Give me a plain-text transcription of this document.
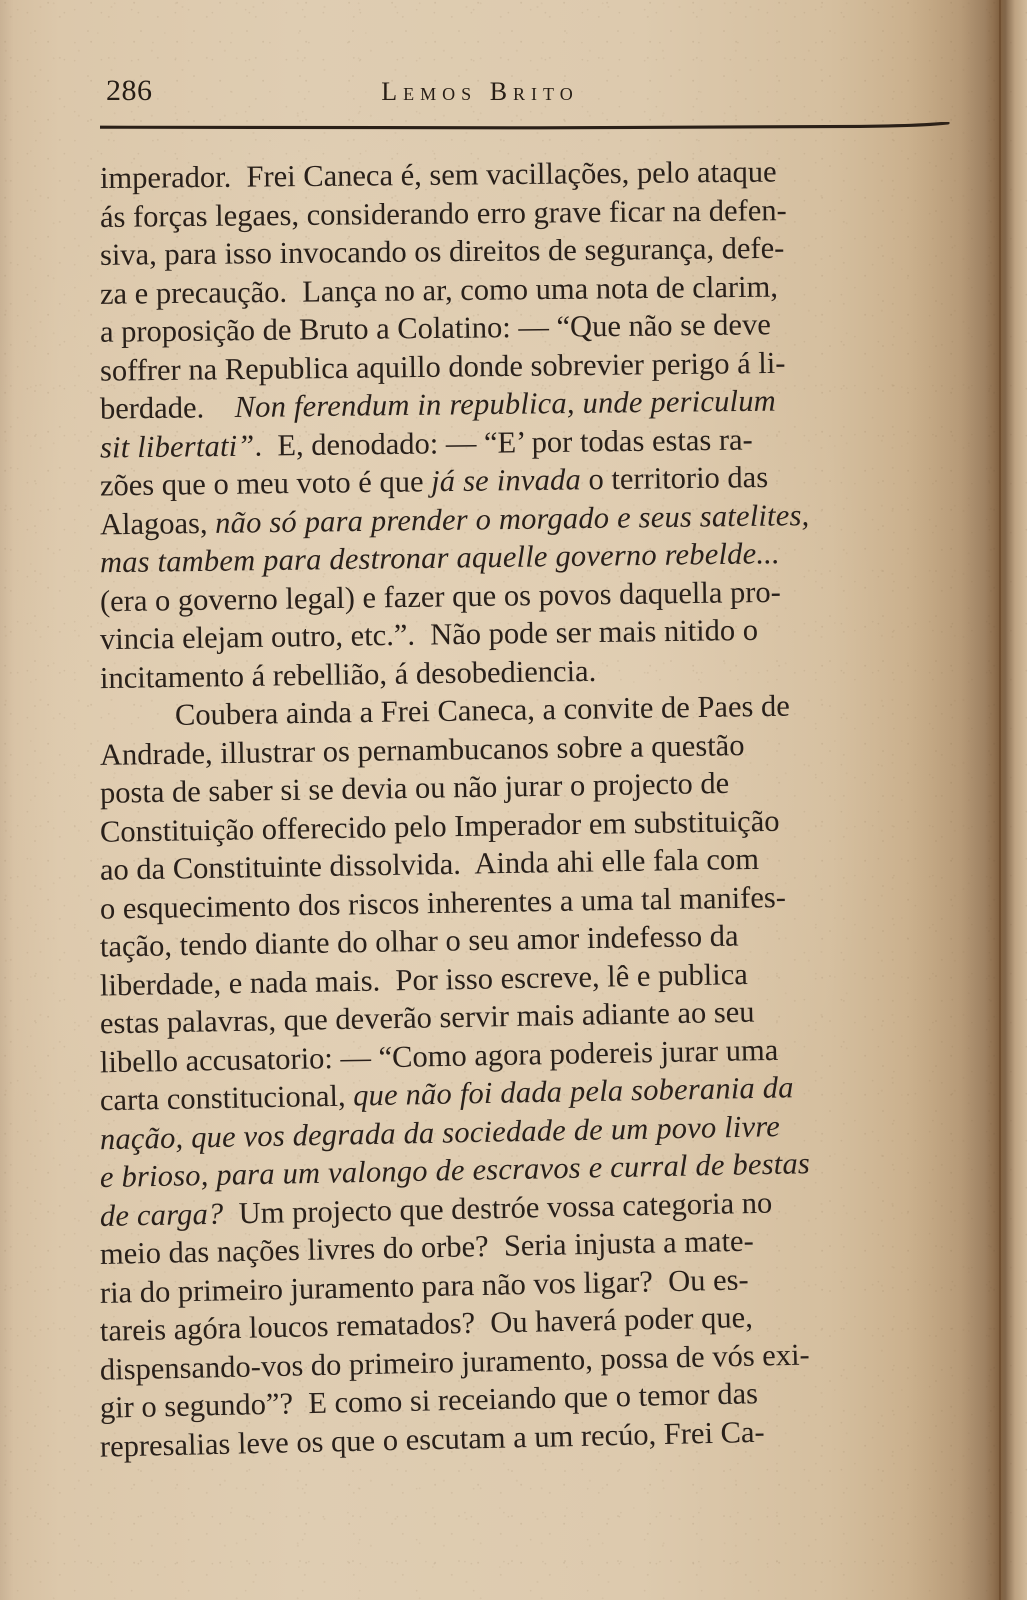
286	Lemos Brito
imperador.  Frei Caneca é, sem vacillações, pelo ataque
ás forças legaes, considerando erro grave ficar na defen-
siva, para isso invocando os direitos de segurança, defe-
za e precaução.  Lança no ar, como uma nota de clarim,
a proposição de Bruto a Colatino: — “Que não se deve
soffrer na Republica aquillo donde sobrevier perigo á li-
berdade.    Non ferendum in republica, unde periculum
sit libertati”.  E, denodado: — “E’ por todas estas ra-
zões que o meu voto é que já se invada o territorio das
Alagoas, não só para prender o morgado e seus satelites,
mas tambem para destronar aquelle governo rebelde...
(era o governo legal) e fazer que os povos daquella pro-
vincia elejam outro, etc.”.  Não pode ser mais nitido o
incitamento á rebellião, á desobediencia.
Coubera ainda a Frei Caneca, a convite de Paes de
Andrade, illustrar os pernambucanos sobre a questão
posta de saber si se devia ou não jurar o projecto de
Constituição offerecido pelo Imperador em substituição
ao da Constituinte dissolvida.  Ainda ahi elle fala com
o esquecimento dos riscos inherentes a uma tal manifes-
tação, tendo diante do olhar o seu amor indefesso da
liberdade, e nada mais.  Por isso escreve, lê e publica
estas palavras, que deverão servir mais adiante ao seu
libello accusatorio: — “Como agora podereis jurar uma
carta constitucional, que não foi dada pela soberania da
nação, que vos degrada da sociedade de um povo livre
e brioso, para um valongo de escravos e curral de bestas
de carga?  Um projecto que destróe vossa categoria no
meio das nações livres do orbe?  Seria injusta a mate-
ria do primeiro juramento para não vos ligar?  Ou es-
tareis agóra loucos rematados?  Ou haverá poder que,
dispensando-vos do primeiro juramento, possa de vós exi-
gir o segundo”?  E como si receiando que o temor das
represalias leve os que o escutam a um recúo, Frei Ca-
